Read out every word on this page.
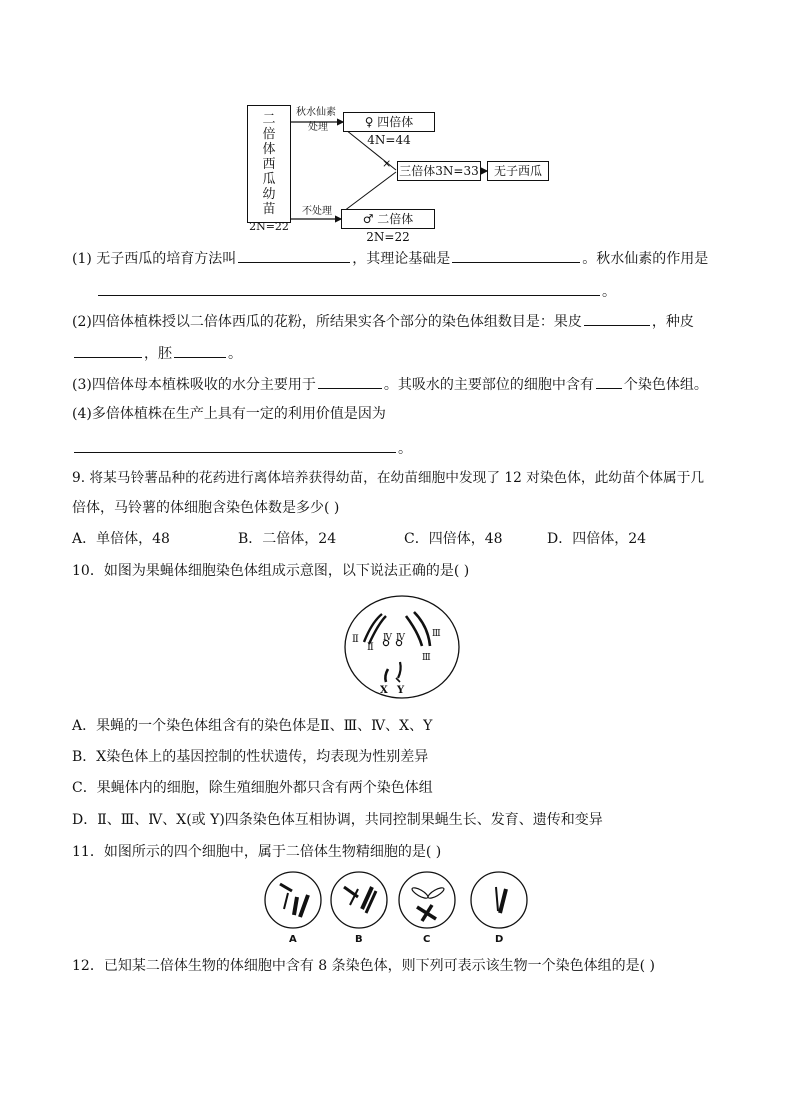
二倍体西瓜幼苗
2N=22
秋水仙素
处理
不处理
♀ 四倍体4N=44
♂ 二倍体2N=22
×
三倍体3N=33	无子西瓜
(1) 无子西瓜的培育方法叫	，其理论基础是	。秋水仙素的作用是
。
(2)四倍体植株授以二倍体西瓜的花粉，所结果实各个部分的染色体组数目是：果皮	，种皮
，胚	。
(3)四倍体母本植株吸收的水分主要用于	。其吸水的主要部位的细胞中含有 个染色体组。
(4)多倍体植株在生产上具有一定的利用价值是因为
。
9. 将某马铃薯品种的花药进行离体培养获得幼苗，在幼苗细胞中发现了 12 对染色体，此幼苗个体属于几
倍体，马铃薯的体细胞含染色体数是多少( )
A．单倍体，48	B．二倍体，24	C．四倍体，48	D．四倍体，24
10．如图为果蝇体细胞染色体组成示意图，以下说法正确的是( )
Ⅱ
Ⅱ
Ⅳ Ⅳ	Ⅲ
Ⅲ
X Y
A．果蝇的一个染色体组含有的染色体是Ⅱ、Ⅲ、Ⅳ、X、Y
B．X染色体上的基因控制的性状遗传，均表现为性别差异
C．果蝇体内的细胞，除生殖细胞外都只含有两个染色体组
D．Ⅱ、Ⅲ、Ⅳ、X(或 Y)四条染色体互相协调，共同控制果蝇生长、发育、遗传和变异
11．如图所示的四个细胞中，属于二倍体生物精细胞的是( )
A	B	C	D
12．已知某二倍体生物的体细胞中含有 8 条染色体，则下列可表示该生物一个染色体组的是( )
